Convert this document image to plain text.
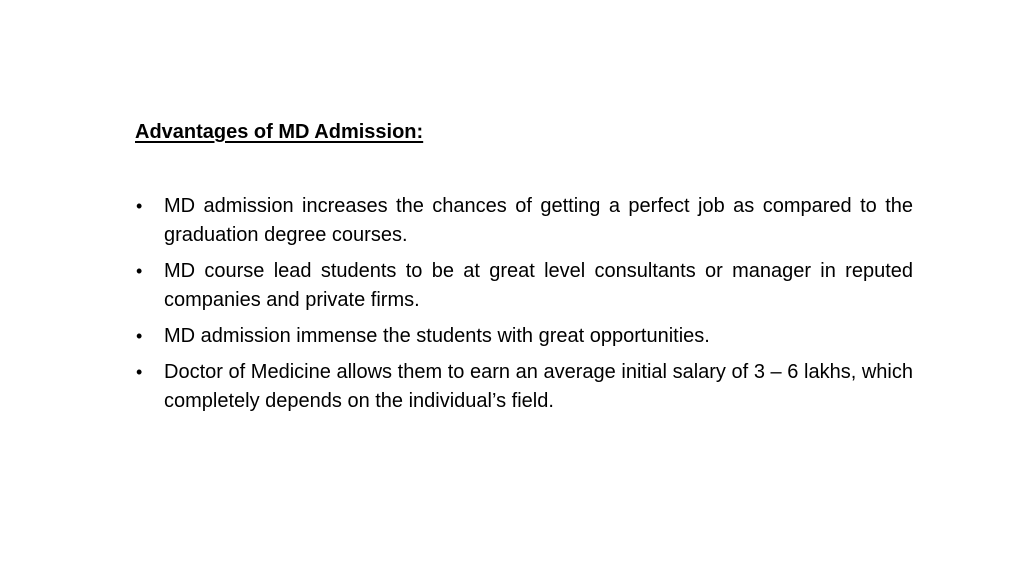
Advantages of MD Admission:
• MD admission increases the chances of getting a perfect job as compared to the graduation degree courses.
• MD course lead students to be at great level consultants or manager in reputed companies and private firms.
• MD admission immense the students with great opportunities.
• Doctor of Medicine allows them to earn an average initial salary of 3 – 6 lakhs, which completely depends on the individual’s field.
